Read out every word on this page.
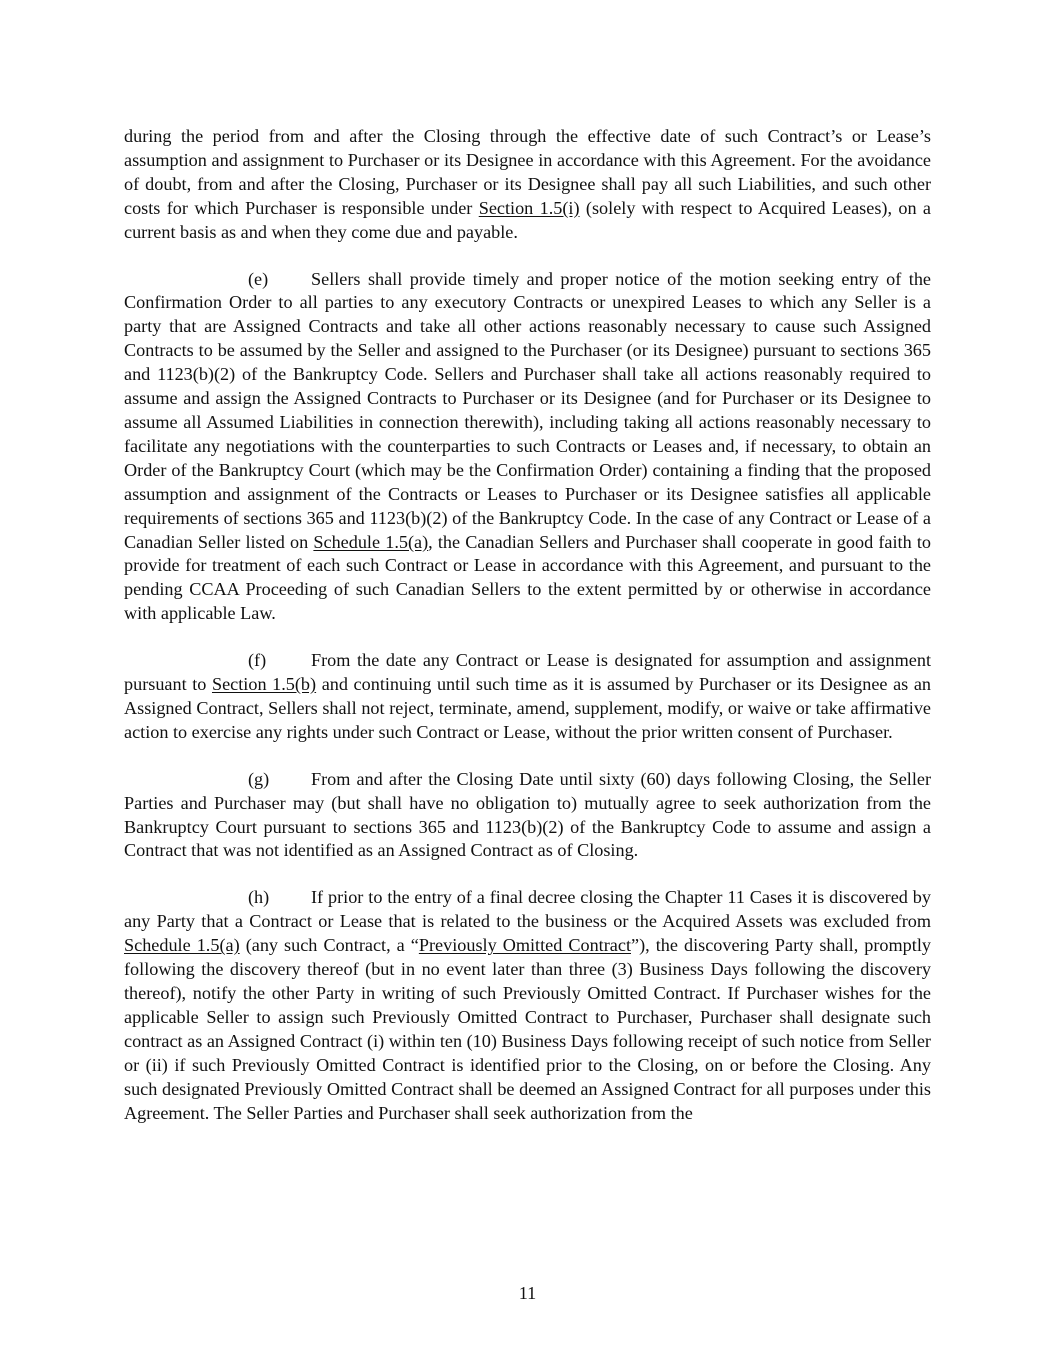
during the period from and after the Closing through the effective date of such Contract’s or Lease’s assumption and assignment to Purchaser or its Designee in accordance with this Agreement. For the avoidance of doubt, from and after the Closing, Purchaser or its Designee shall pay all such Liabilities, and such other costs for which Purchaser is responsible under Section 1.5(i) (solely with respect to Acquired Leases), on a current basis as and when they come due and payable.

(e) Sellers shall provide timely and proper notice of the motion seeking entry of the Confirmation Order to all parties to any executory Contracts or unexpired Leases to which any Seller is a party that are Assigned Contracts and take all other actions reasonably necessary to cause such Assigned Contracts to be assumed by the Seller and assigned to the Purchaser (or its Designee) pursuant to sections 365 and 1123(b)(2) of the Bankruptcy Code. Sellers and Purchaser shall take all actions reasonably required to assume and assign the Assigned Contracts to Purchaser or its Designee (and for Purchaser or its Designee to assume all Assumed Liabilities in connection therewith), including taking all actions reasonably necessary to facilitate any negotiations with the counterparties to such Contracts or Leases and, if necessary, to obtain an Order of the Bankruptcy Court (which may be the Confirmation Order) containing a finding that the proposed assumption and assignment of the Contracts or Leases to Purchaser or its Designee satisfies all applicable requirements of sections 365 and 1123(b)(2) of the Bankruptcy Code. In the case of any Contract or Lease of a Canadian Seller listed on Schedule 1.5(a), the Canadian Sellers and Purchaser shall cooperate in good faith to provide for treatment of each such Contract or Lease in accordance with this Agreement, and pursuant to the pending CCAA Proceeding of such Canadian Sellers to the extent permitted by or otherwise in accordance with applicable Law.

(f) From the date any Contract or Lease is designated for assumption and assignment pursuant to Section 1.5(b) and continuing until such time as it is assumed by Purchaser or its Designee as an Assigned Contract, Sellers shall not reject, terminate, amend, supplement, modify, or waive or take affirmative action to exercise any rights under such Contract or Lease, without the prior written consent of Purchaser.

(g) From and after the Closing Date until sixty (60) days following Closing, the Seller Parties and Purchaser may (but shall have no obligation to) mutually agree to seek authorization from the Bankruptcy Court pursuant to sections 365 and 1123(b)(2) of the Bankruptcy Code to assume and assign a Contract that was not identified as an Assigned Contract as of Closing.

(h) If prior to the entry of a final decree closing the Chapter 11 Cases it is discovered by any Party that a Contract or Lease that is related to the business or the Acquired Assets was excluded from Schedule 1.5(a) (any such Contract, a “Previously Omitted Contract”), the discovering Party shall, promptly following the discovery thereof (but in no event later than three (3) Business Days following the discovery thereof), notify the other Party in writing of such Previously Omitted Contract. If Purchaser wishes for the applicable Seller to assign such Previously Omitted Contract to Purchaser, Purchaser shall designate such contract as an Assigned Contract (i) within ten (10) Business Days following receipt of such notice from Seller or (ii) if such Previously Omitted Contract is identified prior to the Closing, on or before the Closing. Any such designated Previously Omitted Contract shall be deemed an Assigned Contract for all purposes under this Agreement. The Seller Parties and Purchaser shall seek authorization from the

11
